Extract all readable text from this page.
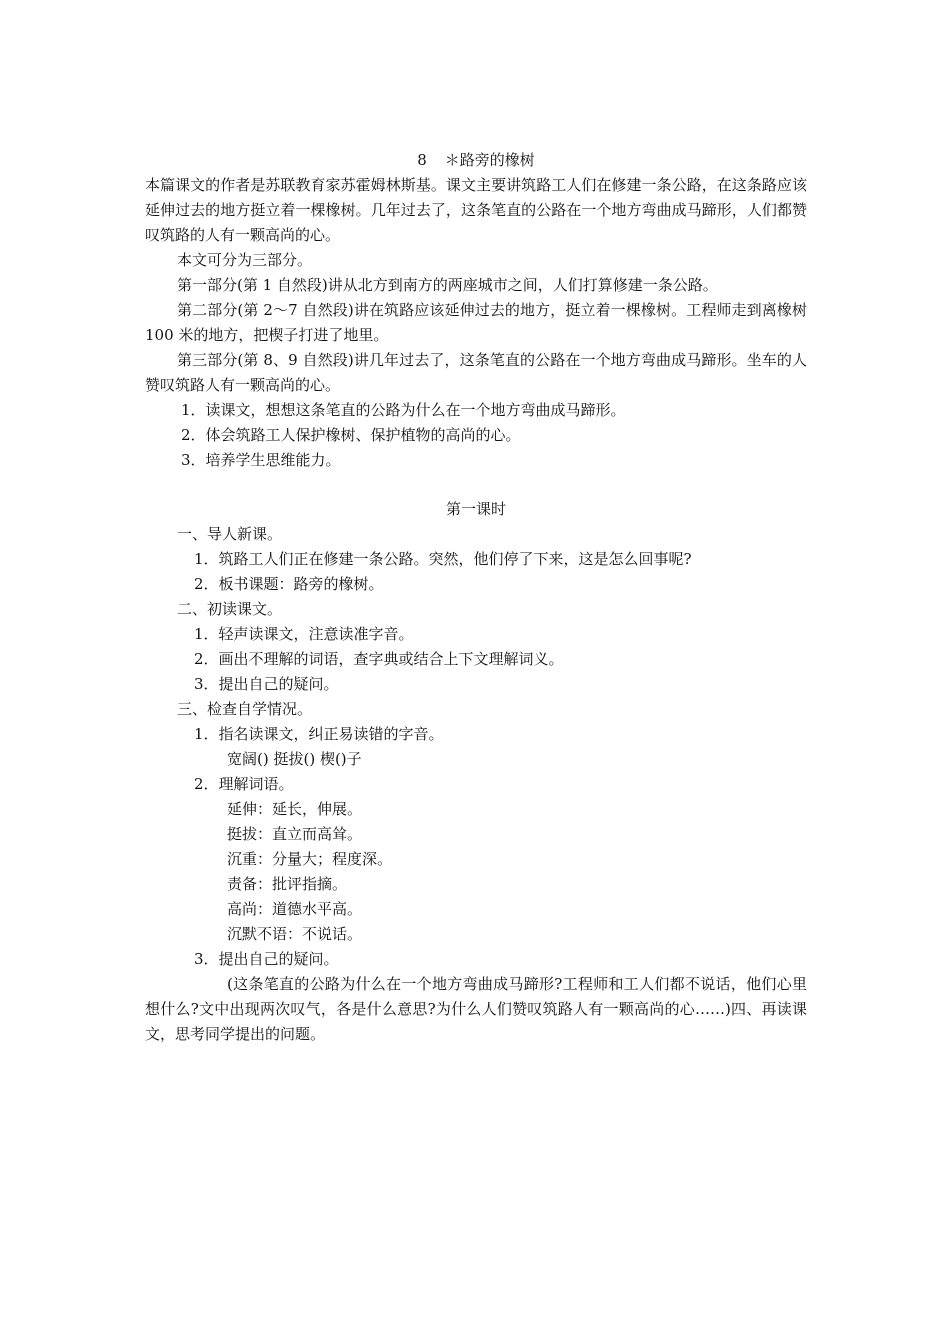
8 ＊路旁的橡树
本篇课文的作者是苏联教育家苏霍姆林斯基。课文主要讲筑路工人们在修建一条公路，在这条路应该延伸过去的地方挺立着一棵橡树。几年过去了，这条笔直的公路在一个地方弯曲成马蹄形，人们都赞叹筑路的人有一颗高尚的心。
本文可分为三部分。
第一部分(第 1 自然段)讲从北方到南方的两座城市之间，人们打算修建一条公路。
第二部分(第 2～7 自然段)讲在筑路应该延伸过去的地方，挺立着一棵橡树。工程师走到离橡树 100 米的地方，把楔子打进了地里。
第三部分(第 8、9 自然段)讲几年过去了，这条笔直的公路在一个地方弯曲成马蹄形。坐车的人赞叹筑路人有一颗高尚的心。
1．读课文，想想这条笔直的公路为什么在一个地方弯曲成马蹄形。
2．体会筑路工人保护橡树、保护植物的高尚的心。
3．培养学生思维能力。
第一课时
一、导人新课。
1．筑路工人们正在修建一条公路。突然，他们停了下来，这是怎么回事呢?
2．板书课题：路旁的橡树。
二、初读课文。
1．轻声读课文，注意读准字音。
2．画出不理解的词语，查字典或结合上下文理解词义。
3．提出自己的疑问。
三、检查自学情况。
1．指名读课文，纠正易读错的字音。
宽阔() 挺拔() 楔()子
2．理解词语。
延伸：延长，伸展。
挺拔：直立而高耸。
沉重：分量大；程度深。
责备：批评指摘。
高尚：道德水平高。
沉默不语：不说话。
3．提出自己的疑问。
(这条笔直的公路为什么在一个地方弯曲成马蹄形?工程师和工人们都不说话，他们心里想什么?文中出现两次叹气，各是什么意思?为什么人们赞叹筑路人有一颗高尚的心……)四、再读课文，思考同学提出的问题。
